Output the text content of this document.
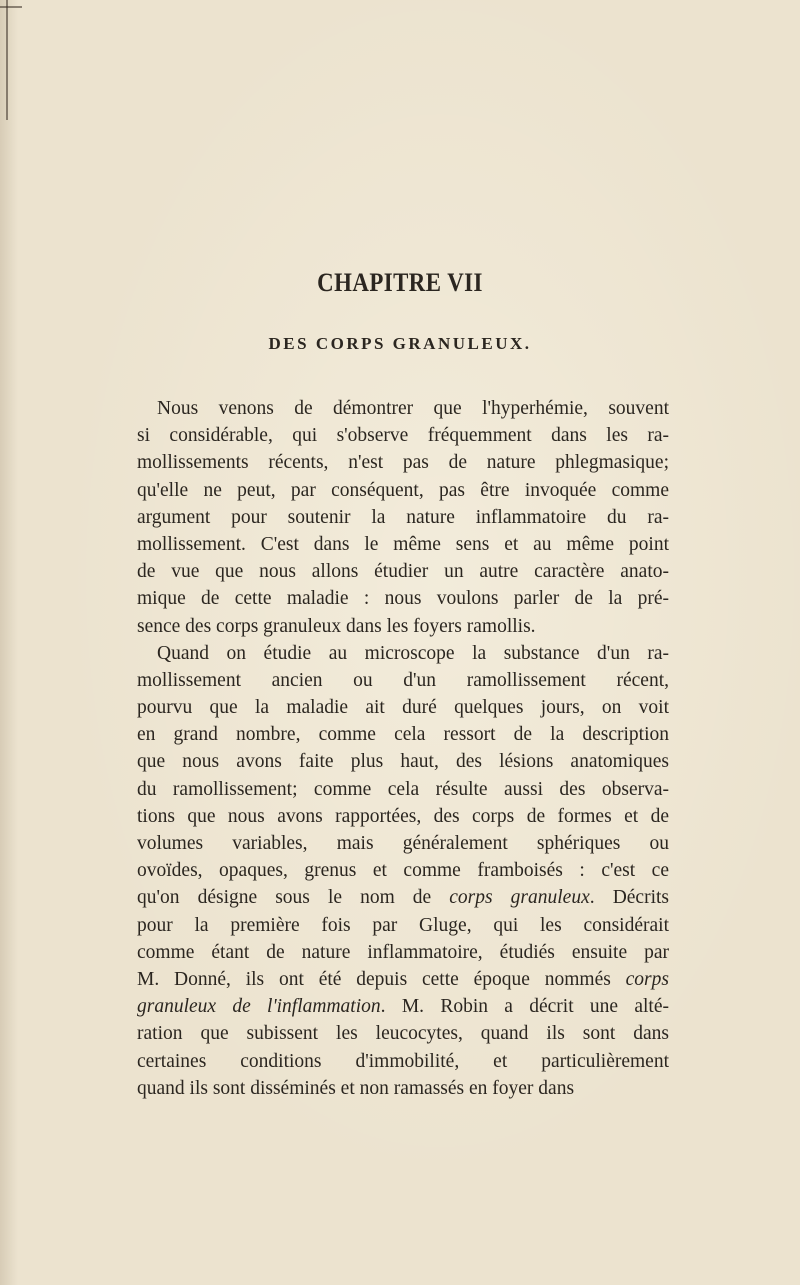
CHAPITRE VII
DES CORPS GRANULEUX.
Nous venons de démontrer que l'hyperhémie, souvent
si considérable, qui s'observe fréquemment dans les ra-
mollissements récents, n'est pas de nature phlegmasique;
qu'elle ne peut, par conséquent, pas être invoquée comme
argument pour soutenir la nature inflammatoire du ra-
mollissement. C'est dans le même sens et au même point
de vue que nous allons étudier un autre caractère anato-
mique de cette maladie : nous voulons parler de la pré-
sence des corps granuleux dans les foyers ramollis.
Quand on étudie au microscope la substance d'un ra-
mollissement ancien ou d'un ramollissement récent,
pourvu que la maladie ait duré quelques jours, on voit
en grand nombre, comme cela ressort de la description
que nous avons faite plus haut, des lésions anatomiques
du ramollissement; comme cela résulte aussi des observa-
tions que nous avons rapportées, des corps de formes et de
volumes variables, mais généralement sphériques ou
ovoïdes, opaques, grenus et comme framboisés : c'est ce
qu'on désigne sous le nom de corps granuleux. Décrits
pour la première fois par Gluge, qui les considérait
comme étant de nature inflammatoire, étudiés ensuite par
M. Donné, ils ont été depuis cette époque nommés corps
granuleux de l'inflammation. M. Robin a décrit une alté-
ration que subissent les leucocytes, quand ils sont dans
certaines conditions d'immobilité, et particulièrement
quand ils sont disséminés et non ramassés en foyer dans
